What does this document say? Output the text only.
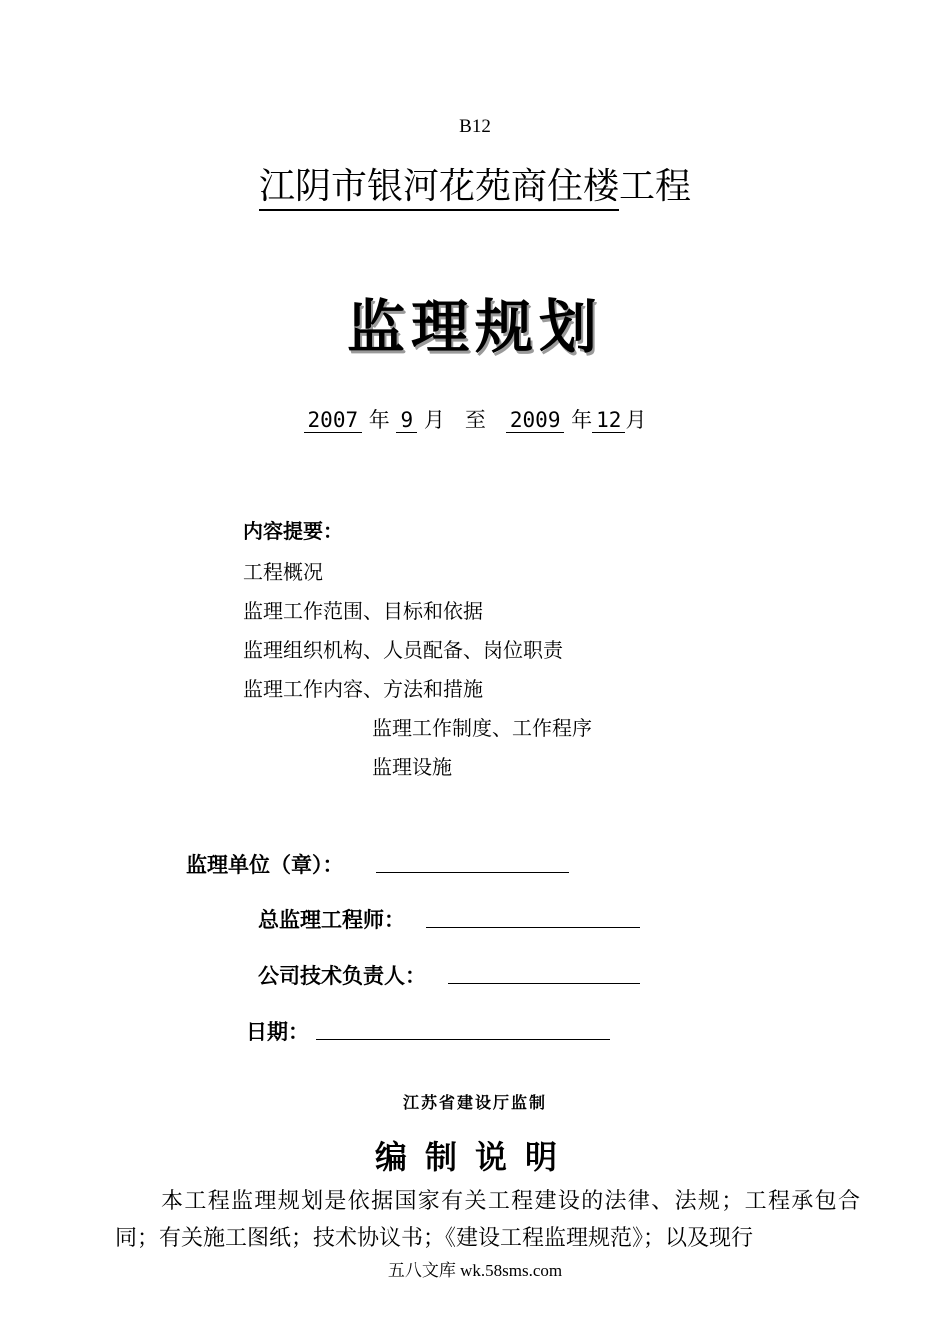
B12
江阴市银河花苑商住楼工程
监理规划
2007 年 9 月 至 2009 年 12 月
内容提要：
工程概况
监理工作范围、目标和依据
监理组织机构、人员配备、岗位职责
监理工作内容、方法和措施
监理工作制度、工作程序
监理设施
监理单位（章）：
总监理工程师：
公司技术负责人：
日期：
江苏省建设厅监制
编制说明
本工程监理规划是依据国家有关工程建设的法律、法规；工程承包合同；有关施工图纸；技术协议书；《建设工程监理规范》；以及现行
五八文库 wk.58sms.com
